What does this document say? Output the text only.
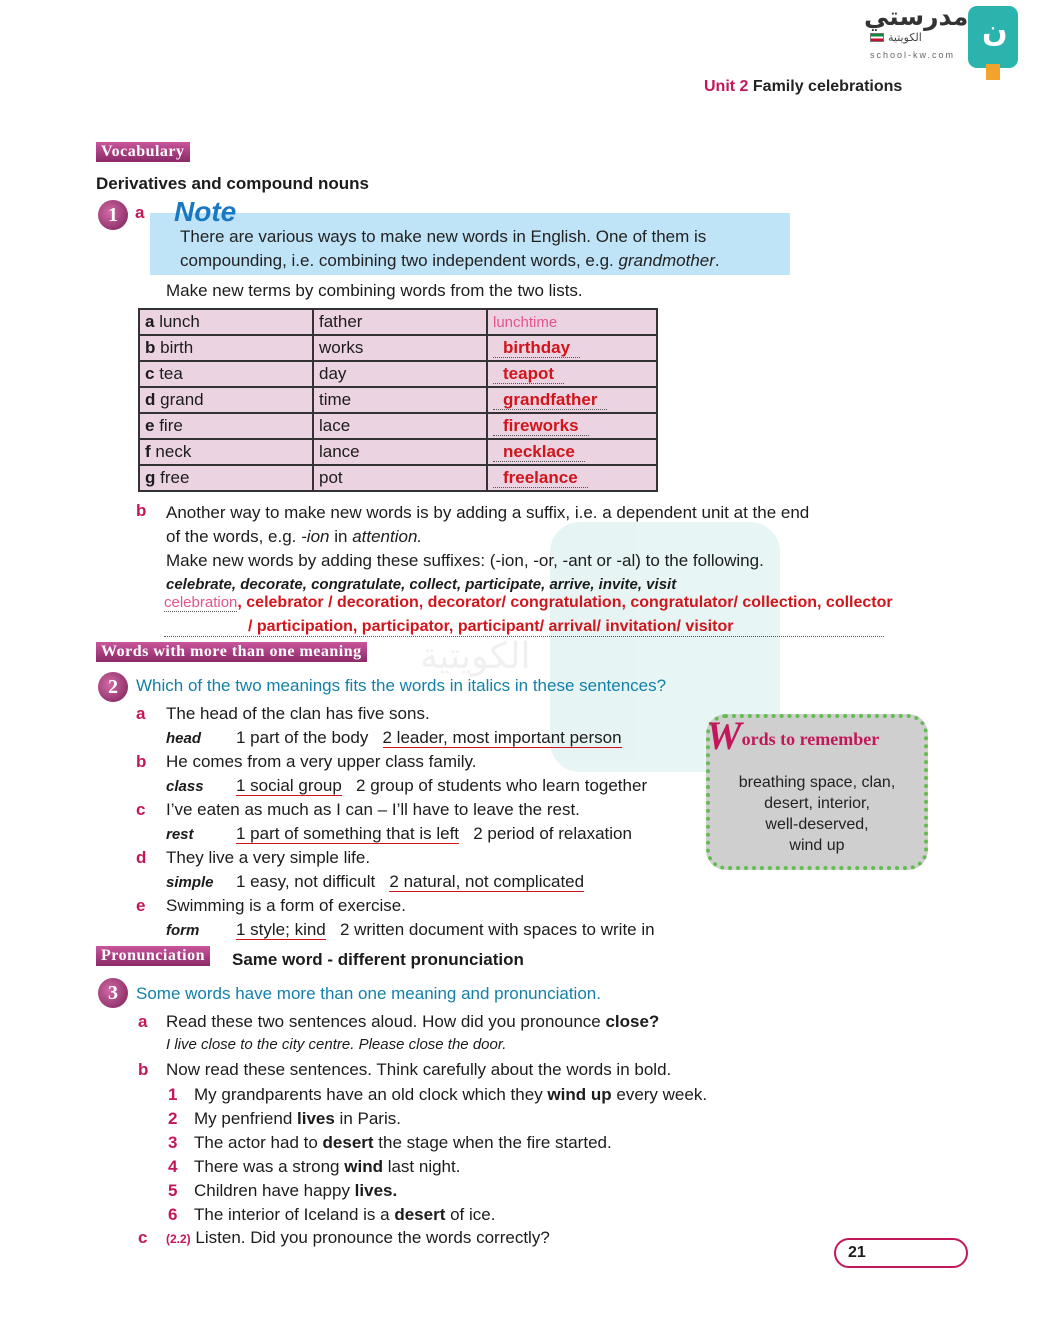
الكويتية
ن
مدرستي
الكويتية
school-kw.com
Unit 2 Family celebrations
Vocabulary
Derivatives and compound nouns
1	a Note
There are various ways to make new words in English. One of them is
compounding, i.e. combining two independent words, e.g. grandmother.
Make new terms by combining words from the two lists.
a lunch	father	lunchtime
b birth	works	birthday
c tea	day	teapot
d grand	time	grandfather
e fire	lace	fireworks
f neck	lance	necklace
g free	pot	freelance
b Another way to make new words is by adding a suffix, i.e. a dependent unit at the end
of the words, e.g. -ion in attention.
Make new words by adding these suffixes: (-ion, -or, -ant or -al) to the following.
celebrate, decorate, congratulate, collect, participate, arrive, invite, visit
celebration, celebrator / decoration, decorator/ congratulation, congratulator/ collection, collector
/ participation, participator, participant/ arrival/ invitation/ visitor
Words with more than one meaning
2	Which of the two meanings fits the words in italics in these sentences?
a The head of the clan has five sons.
head 1 part of the body 2 leader, most important person
b He comes from a very upper class family.
class 1 social group 2 group of students who learn together
c I’ve eaten as much as I can – I’ll have to leave the rest.
rest 1 part of something that is left 2 period of relaxation
d They live a very simple life.
simple 1 easy, not difficult 2 natural, not complicated
e Swimming is a form of exercise.
form 1 style; kind 2 written document with spaces to write in
Words to remember
breathing space, clan,
desert, interior,
well-deserved,
wind up
Pronunciation Same word - different pronunciation
3	Some words have more than one meaning and pronunciation.
a Read these two sentences aloud. How did you pronounce close?
I live close to the city centre. Please close the door.
b Now read these sentences. Think carefully about the words in bold.
1 My grandparents have an old clock which they wind up every week.
2 My penfriend lives in Paris.
3 The actor had to desert the stage when the fire started.
4 There was a strong wind last night.
5 Children have happy lives.
6 The interior of Iceland is a desert of ice.
c (2.2) Listen. Did you pronounce the words correctly?
21
